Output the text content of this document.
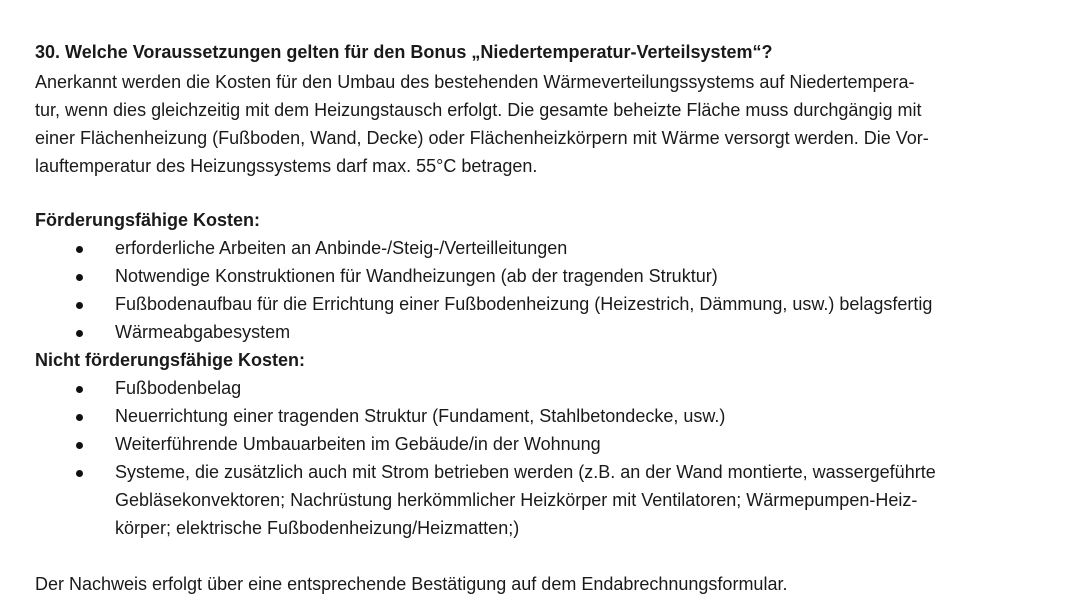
30. Welche Voraussetzungen gelten für den Bonus „Niedertemperatur-Verteilsystem“?
Anerkannt werden die Kosten für den Umbau des bestehenden Wärmeverteilungssystems auf Niedertempera-
tur, wenn dies gleichzeitig mit dem Heizungstausch erfolgt. Die gesamte beheizte Fläche muss durchgängig mit
einer Flächenheizung (Fußboden, Wand, Decke) oder Flächenheizkörpern mit Wärme versorgt werden. Die Vor-
lauftemperatur des Heizungssystems darf max. 55°C betragen.
Förderungsfähige Kosten:
erforderliche Arbeiten an Anbinde-/Steig-/Verteilleitungen
Notwendige Konstruktionen für Wandheizungen (ab der tragenden Struktur)
Fußbodenaufbau für die Errichtung einer Fußbodenheizung (Heizestrich, Dämmung, usw.) belagsfertig
Wärmeabgabesystem
Nicht förderungsfähige Kosten:
Fußbodenbelag
Neuerrichtung einer tragenden Struktur (Fundament, Stahlbetondecke, usw.)
Weiterführende Umbauarbeiten im Gebäude/in der Wohnung
Systeme, die zusätzlich auch mit Strom betrieben werden (z.B. an der Wand montierte, wassergeführte
Gebläsekonvektoren; Nachrüstung herkömmlicher Heizkörper mit Ventilatoren; Wärmepumpen-Heiz-
körper; elektrische Fußbodenheizung/Heizmatten;)
Der Nachweis erfolgt über eine entsprechende Bestätigung auf dem Endabrechnungsformular.
